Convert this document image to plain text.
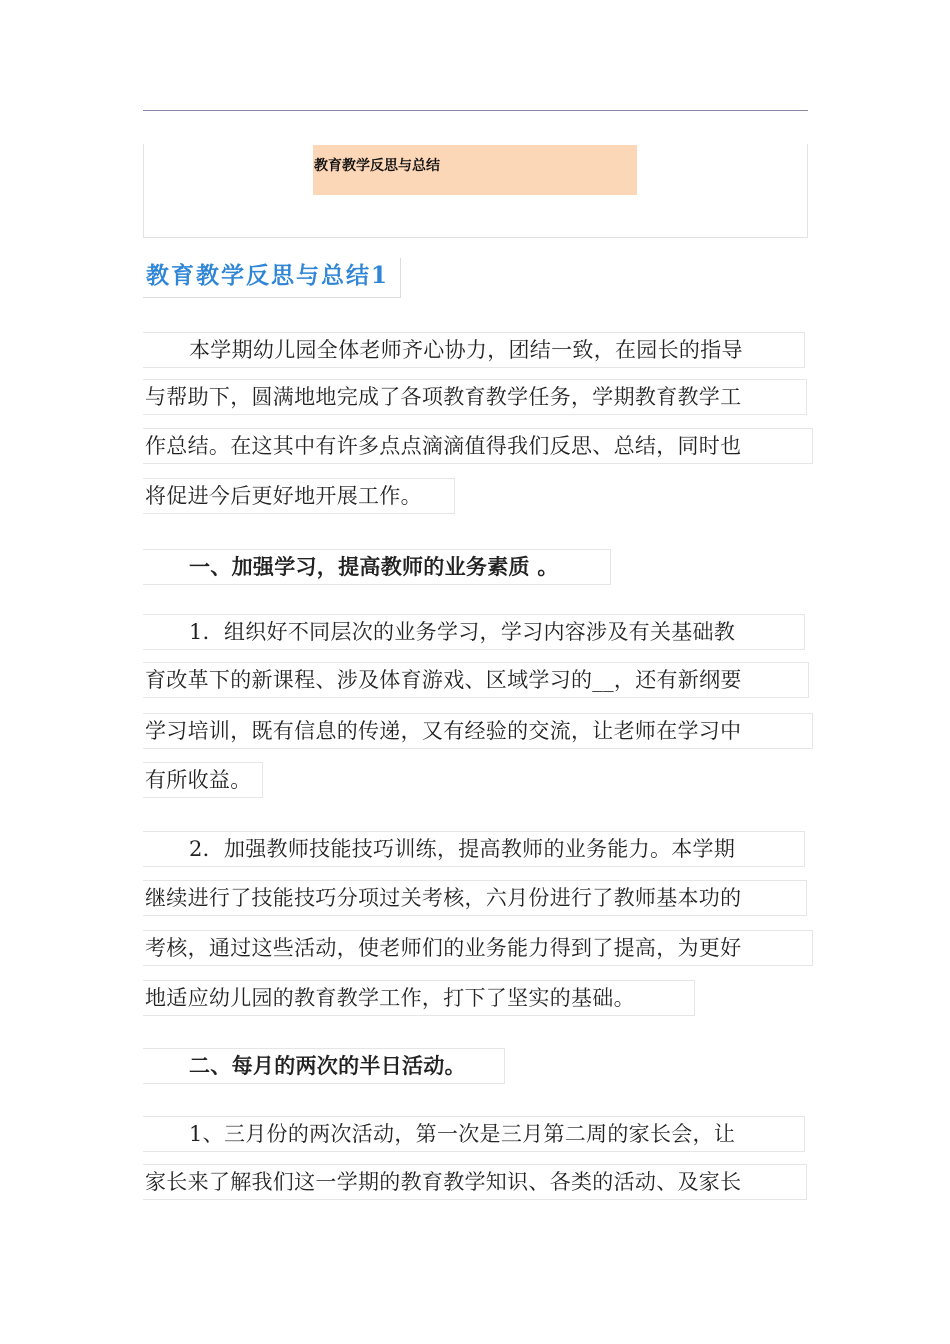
教育教学反思与总结
教育教学反思与总结1
本学期幼儿园全体老师齐心协力，团结一致，在园长的指导
与帮助下，圆满地地完成了各项教育教学任务，学期教育教学工
作总结。在这其中有许多点点滴滴值得我们反思、总结，同时也
将促进今后更好地开展工作。
一、加强学习，提高教师的业务素质 。
1．组织好不同层次的业务学习，学习内容涉及有关基础教
育改革下的新课程、涉及体育游戏、区域学习的__，还有新纲要
学习培训，既有信息的传递，又有经验的交流，让老师在学习中
有所收益。
2．加强教师技能技巧训练，提高教师的业务能力。本学期
继续进行了技能技巧分项过关考核，六月份进行了教师基本功的
考核，通过这些活动，使老师们的业务能力得到了提高，为更好
地适应幼儿园的教育教学工作，打下了坚实的基础。
二、每月的两次的半日活动。
1、三月份的两次活动，第一次是三月第二周的家长会，让
家长来了解我们这一学期的教育教学知识、各类的活动、及家长
